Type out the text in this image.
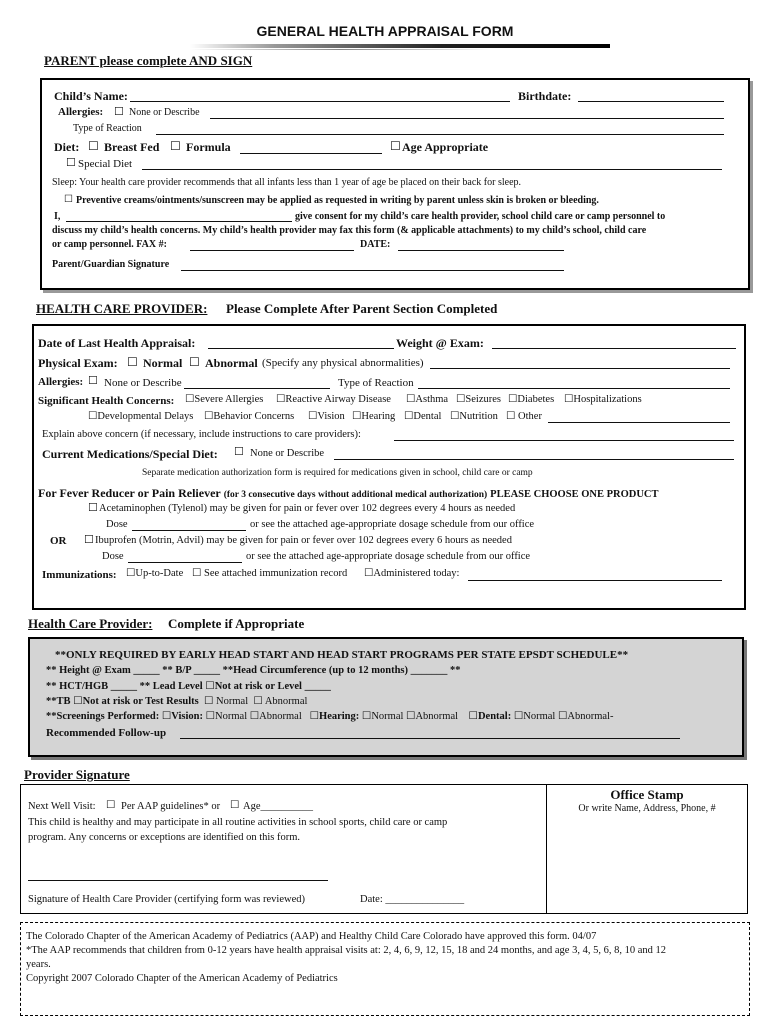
GENERAL HEALTH APPRAISAL FORM
PARENT please complete AND SIGN
Child’s Name:	Birthdate:
Allergies: ☐ None or Describe
Type of Reaction
Diet: ☐ Breast Fed ☐ Formula	☐ Age Appropriate
☐ Special Diet
Sleep: Your health care provider recommends that all infants less than 1 year of age be placed on their back for sleep.
☐ Preventive creams/ointments/sunscreen may be applied as requested in writing by parent unless skin is broken or bleeding.
I,	give consent for my child’s care health provider, school child care or camp personnel to
discuss my child’s health concerns. My child’s health provider may fax this form (& applicable attachments) to my child’s school, child care
or camp personnel. FAX #:	DATE:
Parent/Guardian Signature
HEALTH CARE PROVIDER: Please Complete After Parent Section Completed
Date of Last Health Appraisal:	Weight @ Exam:
Physical Exam: ☐ Normal ☐ Abnormal (Specify any physical abnormalities)
Allergies: ☐ None or Describe	Type of Reaction
Significant Health Concerns: ☐Severe Allergies ☐Reactive Airway Disease ☐Asthma ☐Seizures ☐Diabetes ☐Hospitalizations
☐Developmental Delays ☐Behavior Concerns ☐Vision ☐Hearing ☐Dental ☐Nutrition ☐ Other
Explain above concern (if necessary, include instructions to care providers):
Current Medications/Special Diet: ☐ None or Describe
Separate medication authorization form is required for medications given in school, child care or camp
For Fever Reducer or Pain Reliever (for 3 consecutive days without additional medical authorization) PLEASE CHOOSE ONE PRODUCT
☐ Acetaminophen (Tylenol) may be given for pain or fever over 102 degrees every 4 hours as needed
Dose	or see the attached age-appropriate dosage schedule from our office
OR ☐ Ibuprofen (Motrin, Advil) may be given for pain or fever over 102 degrees every 6 hours as needed
Dose	or see the attached age-appropriate dosage schedule from our office
Immunizations: ☐Up-to-Date ☐ See attached immunization record ☐Administered today:
Health Care Provider: Complete if Appropriate
**ONLY REQUIRED BY EARLY HEAD START AND HEAD START PROGRAMS PER STATE EPSDT SCHEDULE**
** Height @ Exam _____ ** B/P _____ **Head Circumference (up to 12 months) _______ **
** HCT/HGB _____ ** Lead Level ☐Not at risk or Level _____
**TB ☐Not at risk or Test Results ☐ Normal ☐ Abnormal
**Screenings Performed: ☐Vision: ☐Normal ☐Abnormal ☐Hearing: ☐Normal ☐Abnormal ☐Dental: ☐Normal ☐Abnormal-
Recommended Follow-up
Provider Signature
Next Well Visit: ☐ Per AAP guidelines* or ☐ Age__________
This child is healthy and may participate in all routine activities in school sports, child care or camp
program. Any concerns or exceptions are identified on this form.
Signature of Health Care Provider (certifying form was reviewed)	Date: _______________
Office Stamp
Or write Name, Address, Phone, #
The Colorado Chapter of the American Academy of Pediatrics (AAP) and Healthy Child Care Colorado have approved this form. 04/07
*The AAP recommends that children from 0-12 years have health appraisal visits at: 2, 4, 6, 9, 12, 15, 18 and 24 months, and age 3, 4, 5, 6, 8, 10 and 12
years.
Copyright 2007 Colorado Chapter of the American Academy of Pediatrics
